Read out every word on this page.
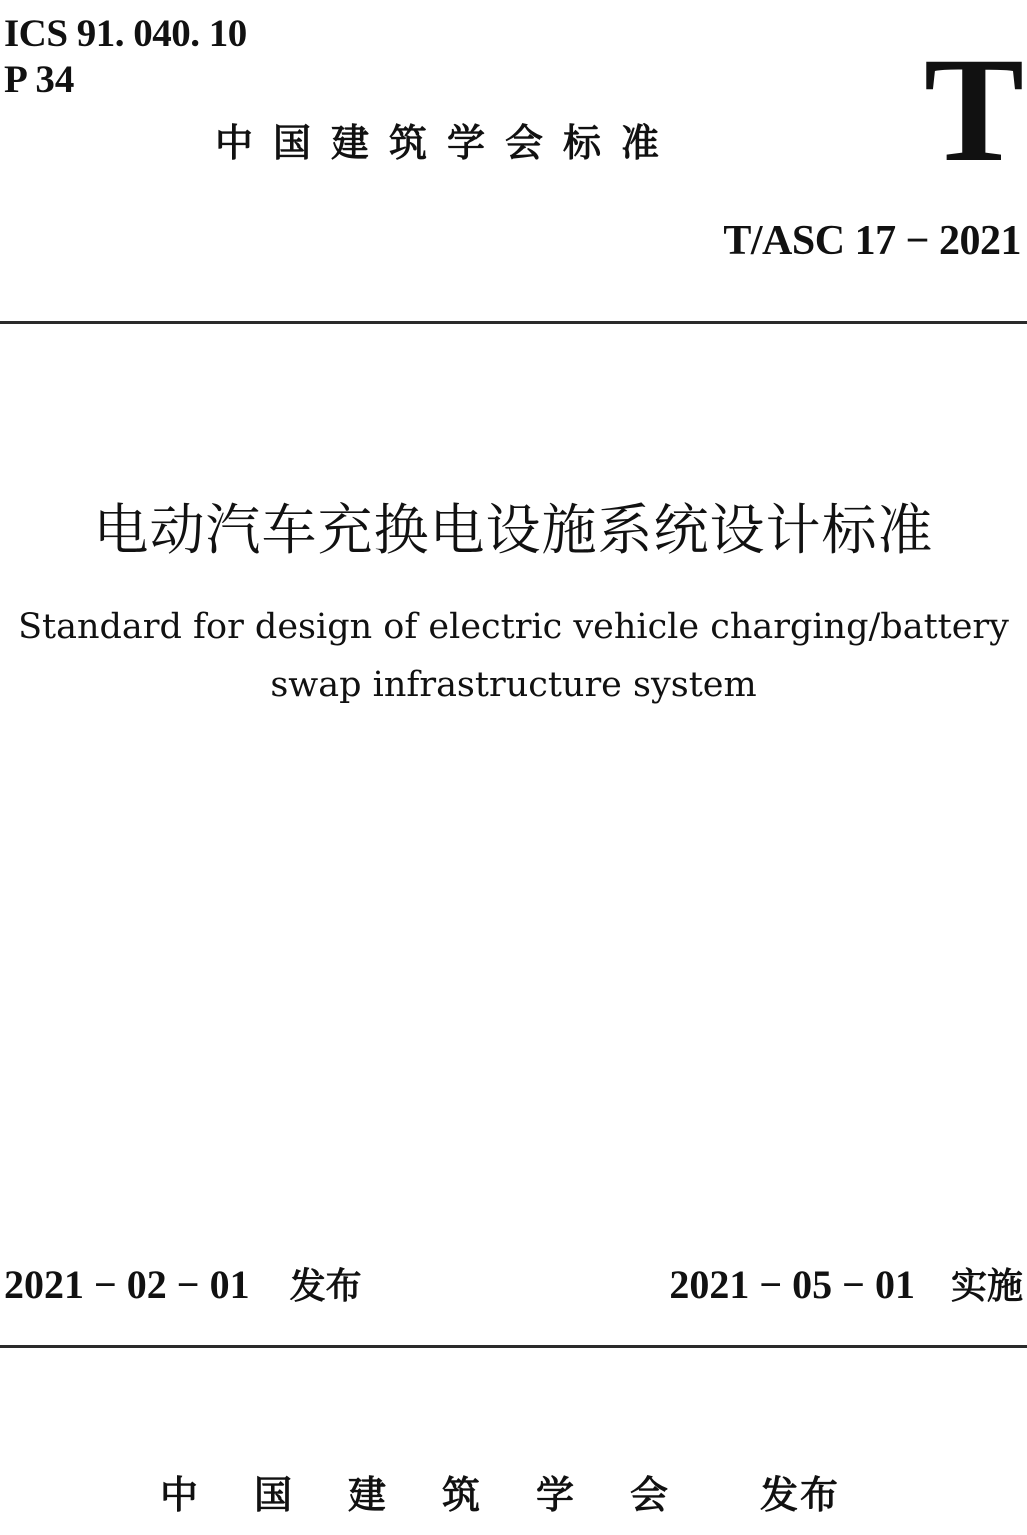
ICS 91. 040. 10
P 34
中国建筑学会标准 T
T/ASC 17 − 2021
电动汽车充换电设施系统设计标准
Standard for design of electric vehicle charging/battery
swap infrastructure system
2021 − 02 − 01 发布	2021 − 05 − 01 实施
中国建筑学会 发布
